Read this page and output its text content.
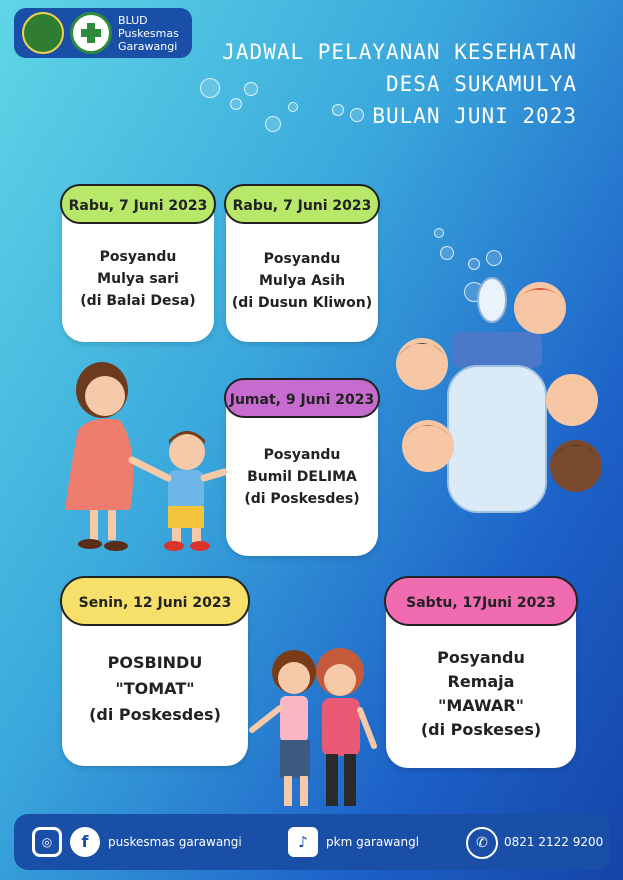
BLUD
Puskesmas
Garawangi JADWAL PELAYANAN KESEHATAN
DESA SUKAMULYA
BULAN JUNI 2023
Rabu, 7 Juni 2023
Posyandu
Mulya sari
(di Balai Desa)
Rabu, 7 Juni 2023
Posyandu
Mulya Asih
(di Dusun Kliwon)
Jumat, 9 Juni 2023
Posyandu
Bumil DELIMA
(di Poskesdes)
Senin, 12 Juni 2023
POSBINDU
"TOMAT"
(di Poskesdes)
Sabtu, 17Juni 2023
Posyandu
Remaja
"MAWAR"
(di Poskeses)
◎	f	puskesmas garawangi	♪	pkm garawangl	✆	0821 2122 9200
